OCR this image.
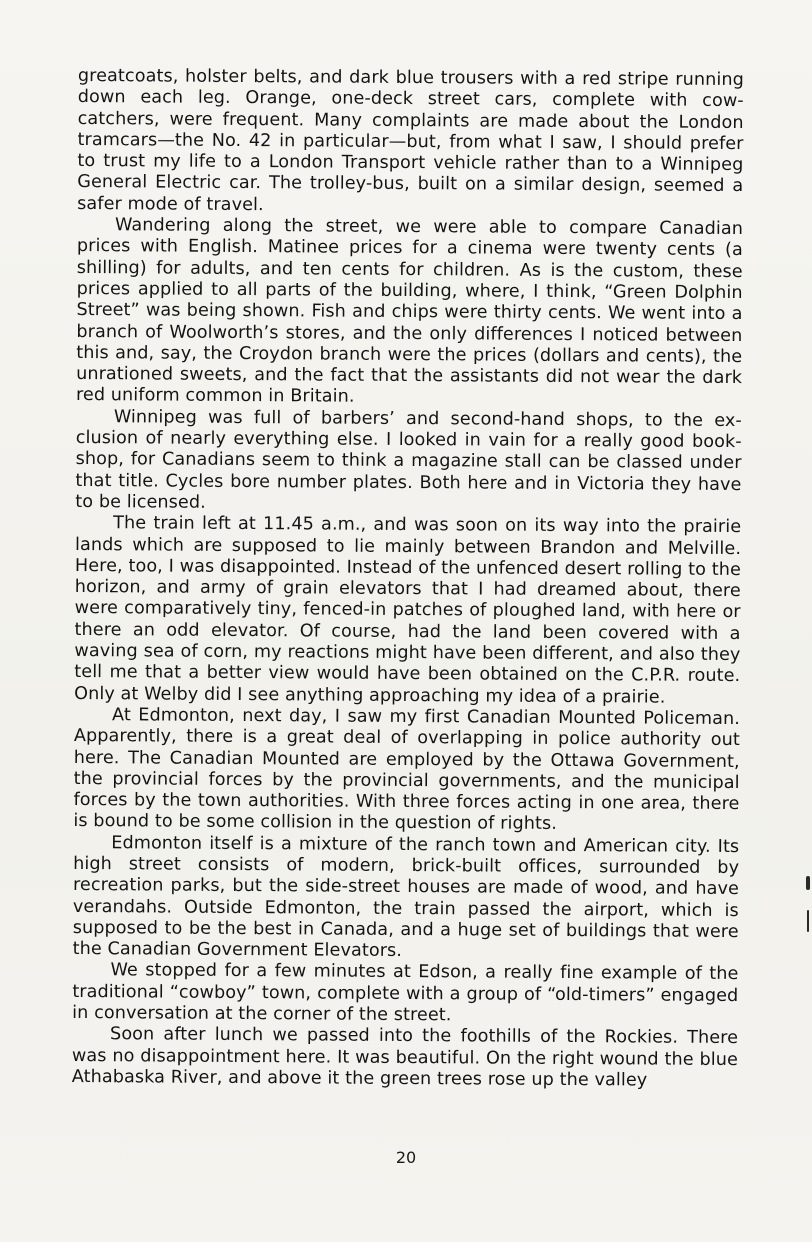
greatcoats, holster belts, and dark blue trousers with a red stripe running down each leg. Orange, one-deck street cars, complete with cow-catchers, were frequent. Many complaints are made about the London tramcars—the No. 42 in particular—but, from what I saw, I should prefer to trust my life to a London Transport vehicle rather than to a Winnipeg General Electric car. The trolley-bus, built on a similar design, seemed a safer mode of travel.

Wandering along the street, we were able to compare Canadian prices with English. Matinee prices for a cinema were twenty cents (a shilling) for adults, and ten cents for children. As is the custom, these prices applied to all parts of the building, where, I think, “Green Dolphin Street” was being shown. Fish and chips were thirty cents. We went into a branch of Woolworth’s stores, and the only differences I noticed between this and, say, the Croydon branch were the prices (dollars and cents), the unrationed sweets, and the fact that the assistants did not wear the dark red uniform common in Britain.

Winnipeg was full of barbers’ and second-hand shops, to the ex-clusion of nearly everything else. I looked in vain for a really good book-shop, for Canadians seem to think a magazine stall can be classed under that title. Cycles bore number plates. Both here and in Victoria they have to be licensed.

The train left at 11.45 a.m., and was soon on its way into the prairie lands which are supposed to lie mainly between Brandon and Melville. Here, too, I was disappointed. Instead of the unfenced desert rolling to the horizon, and army of grain elevators that I had dreamed about, there were comparatively tiny, fenced-in patches of ploughed land, with here or there an odd elevator. Of course, had the land been covered with a waving sea of corn, my reactions might have been different, and also they tell me that a better view would have been obtained on the C.P.R. route. Only at Welby did I see anything approaching my idea of a prairie.

At Edmonton, next day, I saw my first Canadian Mounted Policeman. Apparently, there is a great deal of overlapping in police authority out here. The Canadian Mounted are employed by the Ottawa Government, the provincial forces by the provincial governments, and the municipal forces by the town authorities. With three forces acting in one area, there is bound to be some collision in the question of rights.

Edmonton itself is a mixture of the ranch town and American city. Its high street consists of modern, brick-built offices, surrounded by recreation parks, but the side-street houses are made of wood, and have verandahs. Outside Edmonton, the train passed the airport, which is supposed to be the best in Canada, and a huge set of buildings that were the Canadian Government Elevators.

We stopped for a few minutes at Edson, a really fine example of the traditional “cowboy” town, complete with a group of “old-timers” engaged in conversation at the corner of the street.

Soon after lunch we passed into the foothills of the Rockies. There was no disappointment here. It was beautiful. On the right wound the blue Athabaska River, and above it the green trees rose up the valley

20
